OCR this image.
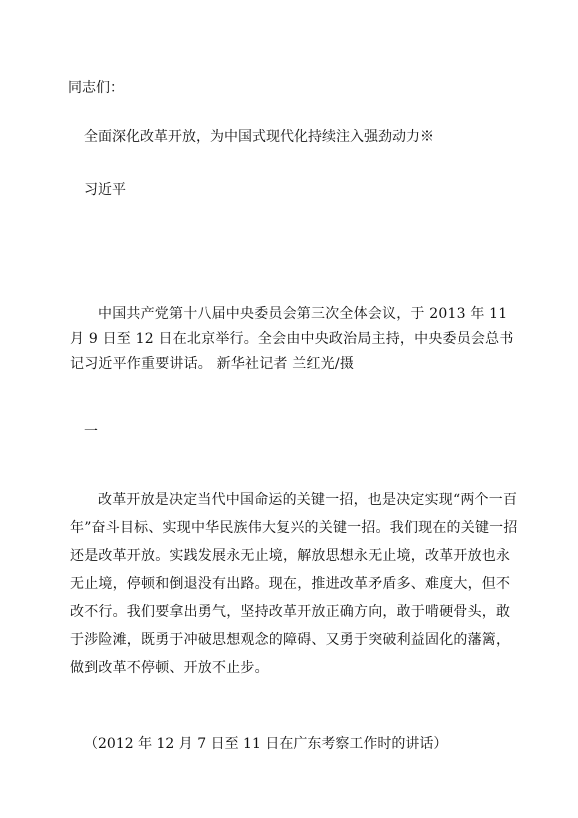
同志们：
全面深化改革开放，为中国式现代化持续注入强劲动力※
习近平
中国共产党第十八届中央委员会第三次全体会议，于 2013 年 11 月 9 日至 12 日在北京举行。全会由中央政治局主持，中央委员会总书记习近平作重要讲话。 新华社记者 兰红光/摄
一
改革开放是决定当代中国命运的关键一招，也是决定实现“两个一百年”奋斗目标、实现中华民族伟大复兴的关键一招。我们现在的关键一招还是改革开放。实践发展永无止境，解放思想永无止境，改革开放也永无止境，停顿和倒退没有出路。现在，推进改革矛盾多、难度大，但不改不行。我们要拿出勇气，坚持改革开放正确方向，敢于啃硬骨头，敢于涉险滩，既勇于冲破思想观念的障碍、又勇于突破利益固化的藩篱，做到改革不停顿、开放不止步。
（2012 年 12 月 7 日至 11 日在广东考察工作时的讲话）
